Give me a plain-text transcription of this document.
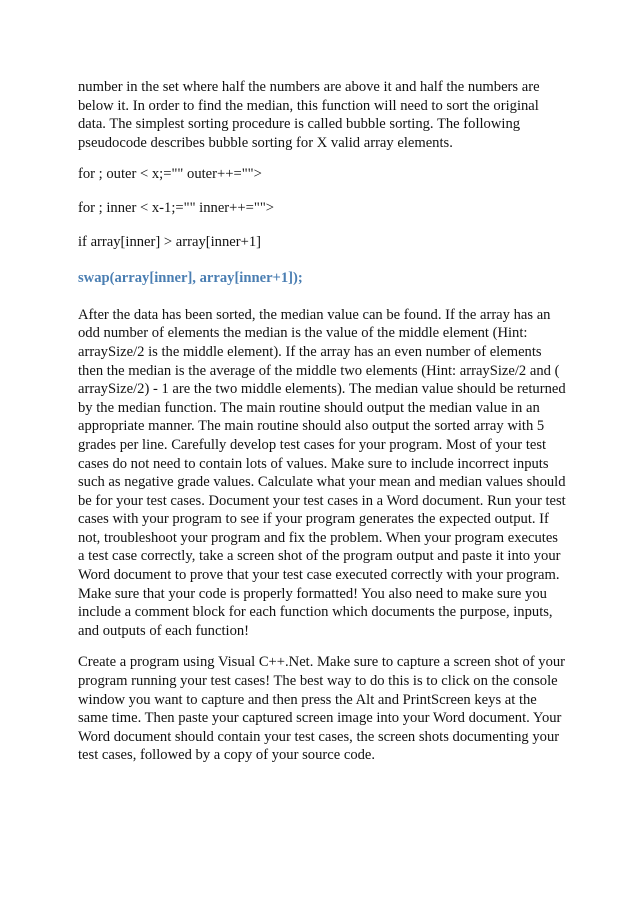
number in the set where half the numbers are above it and half the numbers are below it. In order to find the median, this function will need to sort the original data. The simplest sorting procedure is called bubble sorting. The following pseudocode describes bubble sorting for X valid array elements.

for ; outer < x;="" outer++="">

for ; inner < x-1;="" inner++="">

if array[inner] > array[inner+1]

swap(array[inner], array[inner+1]);

After the data has been sorted, the median value can be found. If the array has an odd number of elements the median is the value of the middle element (Hint: arraySize/2 is the middle element). If the array has an even number of elements then the median is the average of the middle two elements (Hint: arraySize/2 and ( arraySize/2) - 1 are the two middle elements). The median value should be returned by the median function. The main routine should output the median value in an appropriate manner. The main routine should also output the sorted array with 5 grades per line. Carefully develop test cases for your program. Most of your test cases do not need to contain lots of values. Make sure to include incorrect inputs such as negative grade values. Calculate what your mean and median values should be for your test cases. Document your test cases in a Word document. Run your test cases with your program to see if your program generates the expected output. If not, troubleshoot your program and fix the problem. When your program executes a test case correctly, take a screen shot of the program output and paste it into your Word document to prove that your test case executed correctly with your program. Make sure that your code is properly formatted! You also need to make sure you include a comment block for each function which documents the purpose, inputs, and outputs of each function!

Create a program using Visual C++.Net. Make sure to capture a screen shot of your program running your test cases! The best way to do this is to click on the console window you want to capture and then press the Alt and PrintScreen keys at the same time. Then paste your captured screen image into your Word document. Your Word document should contain your test cases, the screen shots documenting your test cases, followed by a copy of your source code.
